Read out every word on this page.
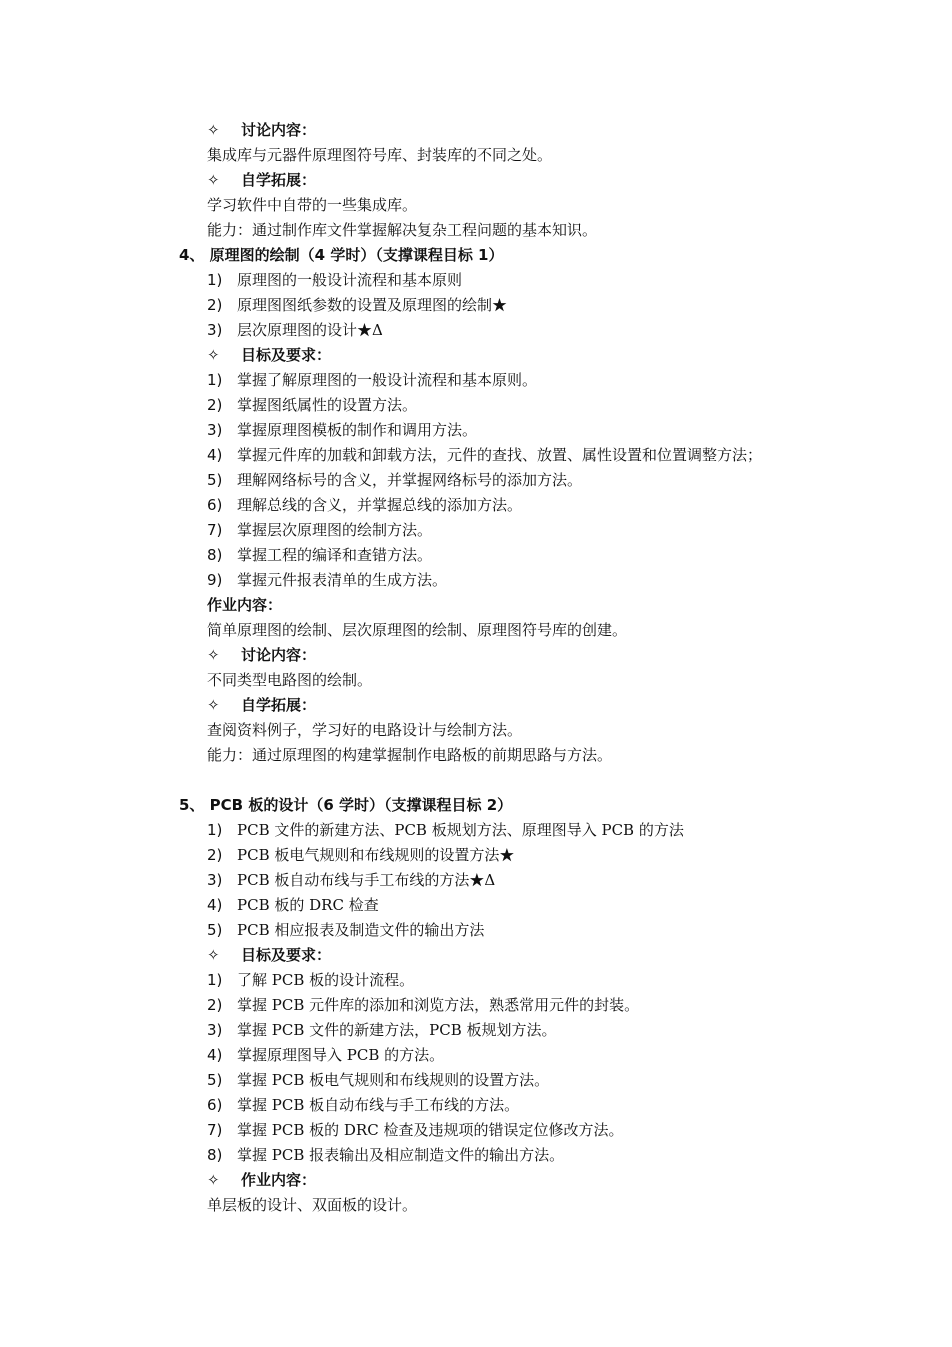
✧ 讨论内容：
集成库与元器件原理图符号库、封装库的不同之处。
✧ 自学拓展：
学习软件中自带的一些集成库。
能力：通过制作库文件掌握解决复杂工程问题的基本知识。
4、 原理图的绘制（4 学时）（支撑课程目标 1）
1) 原理图的一般设计流程和基本原则
2) 原理图图纸参数的设置及原理图的绘制★
3) 层次原理图的设计★Δ
✧ 目标及要求：
1) 掌握了解原理图的一般设计流程和基本原则。
2) 掌握图纸属性的设置方法。
3) 掌握原理图模板的制作和调用方法。
4) 掌握元件库的加载和卸载方法，元件的查找、放置、属性设置和位置调整方法；
5) 理解网络标号的含义，并掌握网络标号的添加方法。
6) 理解总线的含义，并掌握总线的添加方法。
7) 掌握层次原理图的绘制方法。
8) 掌握工程的编译和查错方法。
9) 掌握元件报表清单的生成方法。
作业内容：
简单原理图的绘制、层次原理图的绘制、原理图符号库的创建。
✧ 讨论内容：
不同类型电路图的绘制。
✧ 自学拓展：
查阅资料例子，学习好的电路设计与绘制方法。
能力：通过原理图的构建掌握制作电路板的前期思路与方法。
5、 PCB 板的设计（6 学时）（支撑课程目标 2）
1) PCB 文件的新建方法、PCB 板规划方法、原理图导入 PCB 的方法
2) PCB 板电气规则和布线规则的设置方法★
3) PCB 板自动布线与手工布线的方法★Δ
4) PCB 板的 DRC 检查
5) PCB 相应报表及制造文件的输出方法
✧ 目标及要求：
1) 了解 PCB 板的设计流程。
2) 掌握 PCB 元件库的添加和浏览方法，熟悉常用元件的封装。
3) 掌握 PCB 文件的新建方法，PCB 板规划方法。
4) 掌握原理图导入 PCB 的方法。
5) 掌握 PCB 板电气规则和布线规则的设置方法。
6) 掌握 PCB 板自动布线与手工布线的方法。
7) 掌握 PCB 板的 DRC 检查及违规项的错误定位修改方法。
8) 掌握 PCB 报表输出及相应制造文件的输出方法。
✧ 作业内容：
单层板的设计、双面板的设计。
